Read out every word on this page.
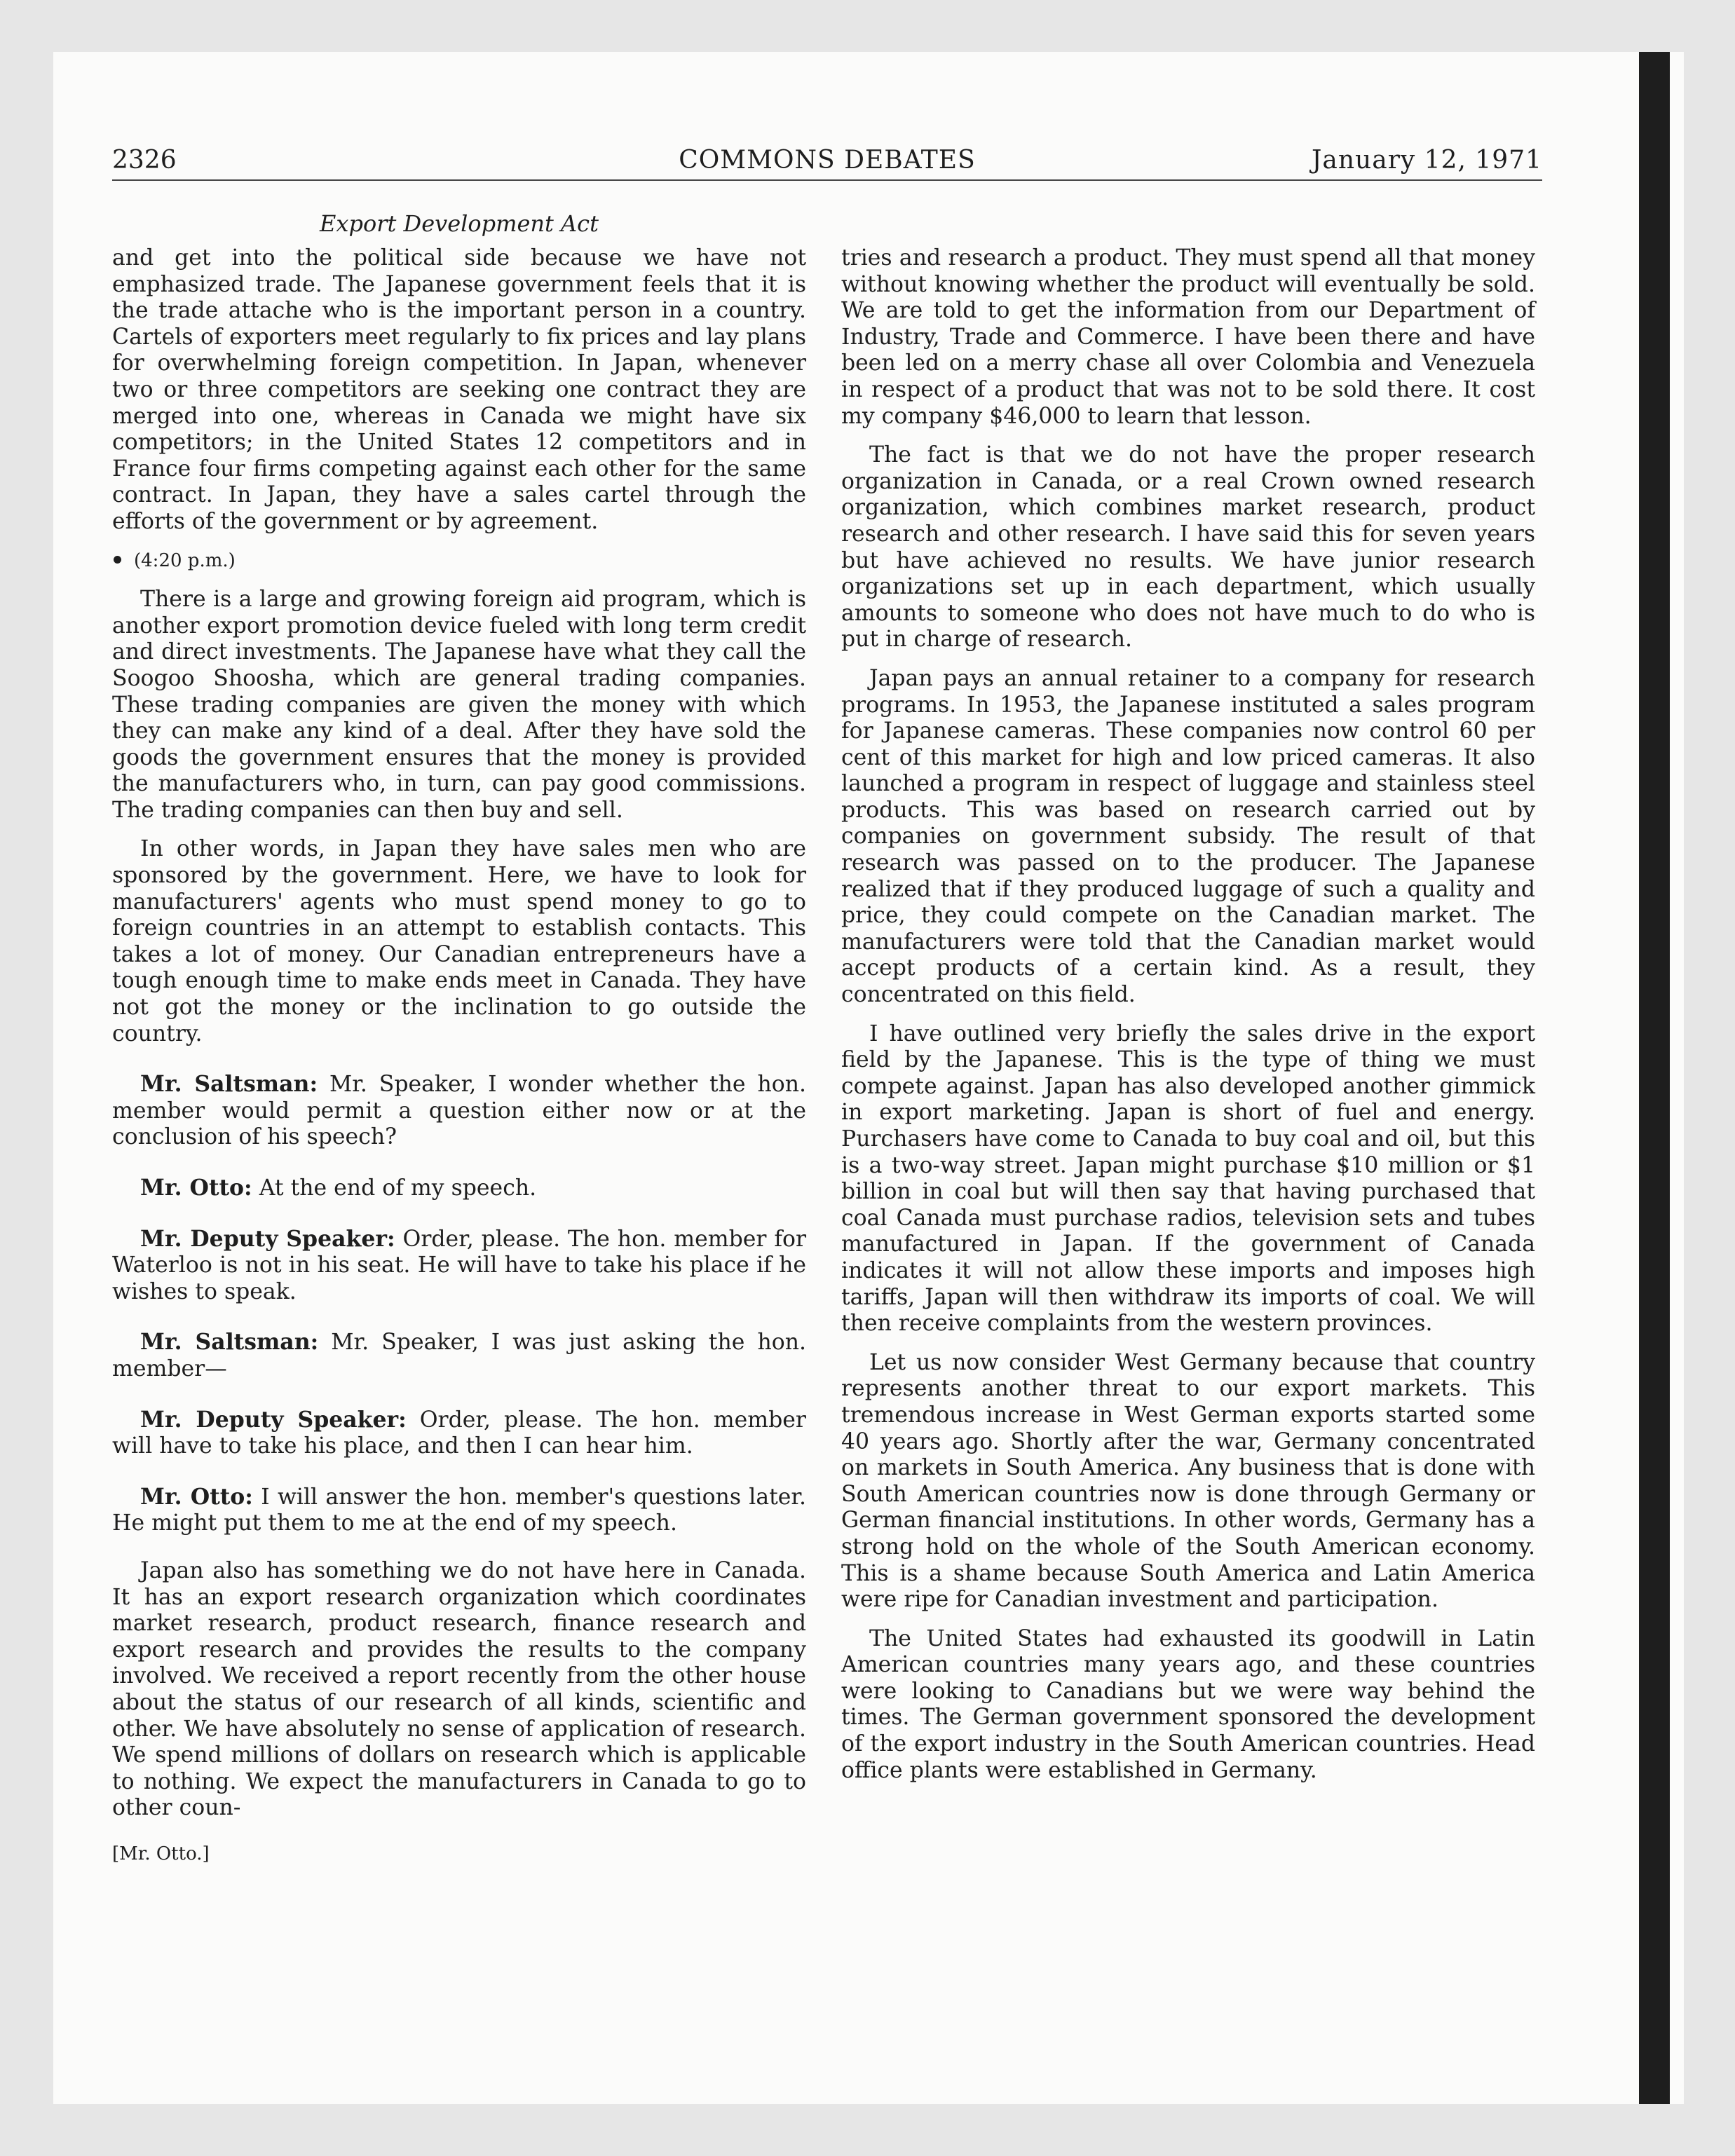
2326	COMMONS DEBATES	January 12, 1971
Export Development Act

and get into the political side because we have not emphasized trade. The Japanese government feels that it is the trade attache who is the important person in a country. Cartels of exporters meet regularly to fix prices and lay plans for overwhelming foreign competition. In Japan, whenever two or three competitors are seeking one contract they are merged into one, whereas in Canada we might have six competitors; in the United States 12 competitors and in France four firms competing against each other for the same contract. In Japan, they have a sales cartel through the efforts of the government or by agreement.

(4:20 p.m.)

There is a large and growing foreign aid program, which is another export promotion device fueled with long term credit and direct investments. The Japanese have what they call the Soogoo Shoosha, which are general trading companies. These trading companies are given the money with which they can make any kind of a deal. After they have sold the goods the government ensures that the money is provided the manufacturers who, in turn, can pay good commissions. The trading companies can then buy and sell.

In other words, in Japan they have sales men who are sponsored by the government. Here, we have to look for manufacturers' agents who must spend money to go to foreign countries in an attempt to establish contacts. This takes a lot of money. Our Canadian entrepreneurs have a tough enough time to make ends meet in Canada. They have not got the money or the inclination to go outside the country.

Mr. Saltsman: Mr. Speaker, I wonder whether the hon. member would permit a question either now or at the conclusion of his speech?

Mr. Otto: At the end of my speech.

Mr. Deputy Speaker: Order, please. The hon. member for Waterloo is not in his seat. He will have to take his place if he wishes to speak.

Mr. Saltsman: Mr. Speaker, I was just asking the hon. member—

Mr. Deputy Speaker: Order, please. The hon. member will have to take his place, and then I can hear him.

Mr. Otto: I will answer the hon. member's questions later. He might put them to me at the end of my speech.

Japan also has something we do not have here in Canada. It has an export research organization which coordinates market research, product research, finance research and export research and provides the results to the company involved. We received a report recently from the other house about the status of our research of all kinds, scientific and other. We have absolutely no sense of application of research. We spend millions of dollars on research which is applicable to nothing. We expect the manufacturers in Canada to go to other coun-

[Mr. Otto.]

tries and research a product. They must spend all that money without knowing whether the product will eventually be sold. We are told to get the information from our Department of Industry, Trade and Commerce. I have been there and have been led on a merry chase all over Colombia and Venezuela in respect of a product that was not to be sold there. It cost my company $46,000 to learn that lesson.

The fact is that we do not have the proper research organization in Canada, or a real Crown owned research organization, which combines market research, product research and other research. I have said this for seven years but have achieved no results. We have junior research organizations set up in each department, which usually amounts to someone who does not have much to do who is put in charge of research.

Japan pays an annual retainer to a company for research programs. In 1953, the Japanese instituted a sales program for Japanese cameras. These companies now control 60 per cent of this market for high and low priced cameras. It also launched a program in respect of luggage and stainless steel products. This was based on research carried out by companies on government subsidy. The result of that research was passed on to the producer. The Japanese realized that if they produced luggage of such a quality and price, they could compete on the Canadian market. The manufacturers were told that the Canadian market would accept products of a certain kind. As a result, they concentrated on this field.

I have outlined very briefly the sales drive in the export field by the Japanese. This is the type of thing we must compete against. Japan has also developed another gimmick in export marketing. Japan is short of fuel and energy. Purchasers have come to Canada to buy coal and oil, but this is a two-way street. Japan might purchase $10 million or $1 billion in coal but will then say that having purchased that coal Canada must purchase radios, television sets and tubes manufactured in Japan. If the government of Canada indicates it will not allow these imports and imposes high tariffs, Japan will then withdraw its imports of coal. We will then receive complaints from the western provinces.

Let us now consider West Germany because that country represents another threat to our export markets. This tremendous increase in West German exports started some 40 years ago. Shortly after the war, Germany concentrated on markets in South America. Any business that is done with South American countries now is done through Germany or German financial institutions. In other words, Germany has a strong hold on the whole of the South American economy. This is a shame because South America and Latin America were ripe for Canadian investment and participation.

The United States had exhausted its goodwill in Latin American countries many years ago, and these countries were looking to Canadians but we were way behind the times. The German government sponsored the development of the export industry in the South American countries. Head office plants were established in Germany.
